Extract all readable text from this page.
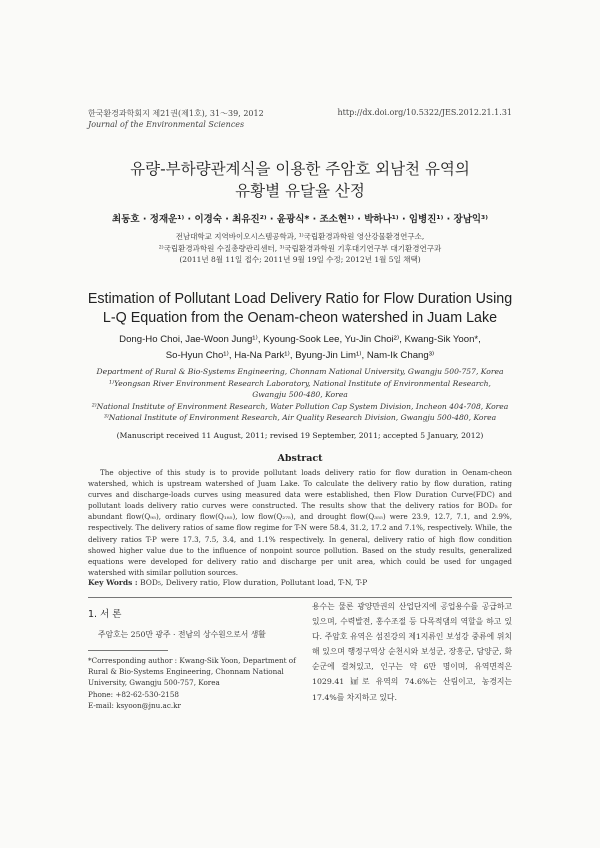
한국환경과학회지 제21권(제1호), 31～39, 2012
Journal of the Environmental Sciences
http://dx.doi.org/10.5322/JES.2012.21.1.31
유량-부하량관계식을 이용한 주암호 외남천 유역의
유황별 유달율 산정
최동호 · 정재운¹⁾ · 이경숙 · 최유진²⁾ · 윤광식* · 조소현¹⁾ · 박하나¹⁾ · 임병진¹⁾ · 장남익³⁾
전남대학교 지역바이오시스템공학과, ¹⁾국립환경과학원 영산강물환경연구소,
²⁾국립환경과학원 수질총량관리센터, ³⁾국립환경과학원 기후대기연구부 대기환경연구과
(2011년 8월 11일 접수; 2011년 9월 19일 수정; 2012년 1월 5일 채택)
Estimation of Pollutant Load Delivery Ratio for Flow Duration Using
L-Q Equation from the Oenam-cheon watershed in Juam Lake
Dong-Ho Choi, Jae-Woon Jung¹⁾, Kyoung-Sook Lee, Yu-Jin Choi²⁾, Kwang-Sik Yoon*,
So-Hyun Cho¹⁾, Ha-Na Park¹⁾, Byung-Jin Lim¹⁾, Nam-Ik Chang³⁾
Department of Rural & Bio-Systems Engineering, Chonnam National University, Gwangju 500-757, Korea
¹⁾Yeongsan River Environment Research Laboratory, National Institute of Environmental Research,
Gwangju 500-480, Korea
²⁾National Institute of Environment Research, Water Pollution Cap System Division, Incheon 404-708, Korea
³⁾National Institute of Environment Research, Air Quality Research Division, Gwangju 500-480, Korea
(Manuscript received 11 August, 2011; revised 19 September, 2011; accepted 5 January, 2012)
Abstract
The objective of this study is to provide pollutant loads delivery ratio for flow duration in Oenam-cheon watershed, which is upstream watershed of Juam Lake. To calculate the delivery ratio by flow duration, rating curves and discharge-loads curves using measured data were established, then Flow Duration Curve(FDC) and pollutant loads delivery ratio curves were constructed. The results show that the delivery ratios for BOD₅ for abundant flow(Q₉₅), ordinary flow(Q₁₈₅), low flow(Q₂₇₅), and drought flow(Q₃₅₅) were 23.9, 12.7, 7.1, and 2.9%, respectively. The delivery ratios of same flow regime for T-N were 58.4, 31.2, 17.2 and 7.1%, respectively. While, the delivery ratios T-P were 17.3, 7.5, 3.4, and 1.1% respectively. In general, delivery ratio of high flow condition showed higher value due to the influence of nonpoint source pollution. Based on the study results, generalized equations were developed for delivery ratio and discharge per unit area, which could be used for ungaged watershed with similar pollution sources.
Key Words : BOD₅, Delivery ratio, Flow duration, Pollutant load, T-N, T-P
1. 서 론
주암호는 250만 광주 · 전남의 상수원으로서 생활
*Corresponding author : Kwang-Sik Yoon, Department of Rural & Bio-Systems Engineering, Chonnam National University, Gwangju 500-757, Korea
Phone: +82-62-530-2158
E-mail: ksyoon@jnu.ac.kr
용수는 물론 광양만권의 산업단지에 공업용수를 공급하고 있으며, 수력발전, 홍수조절 등 다목적댐의 역할을 하고 있다. 주암호 유역은 섬진강의 제1지류인 보성강 중류에 위치해 있으며 행정구역상 순천시와 보성군, 장흥군, 담양군, 화순군에 걸쳐있고, 인구는 약 6만 명이며, 유역면적은 1029.41 ㎢로 유역의 74.6%는 산림이고, 농경지는 17.4%를 차지하고 있다.
